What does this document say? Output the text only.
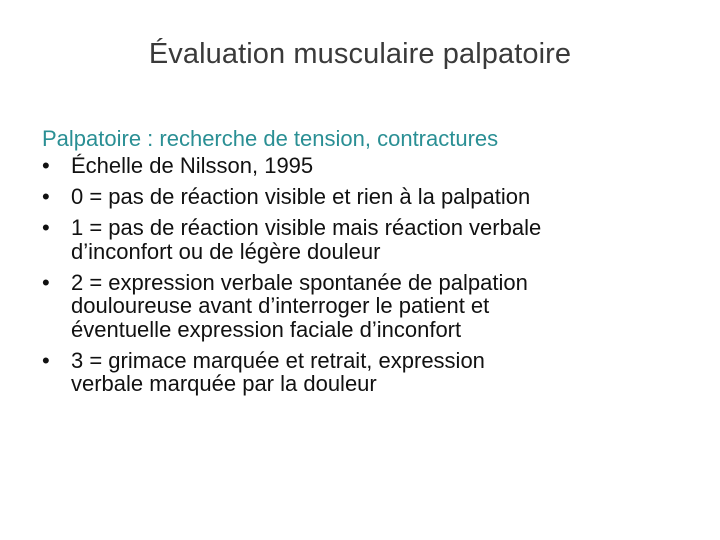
Évaluation musculaire palpatoire
Palpatoire : recherche de tension, contractures
• Échelle de Nilsson, 1995
• 0 = pas de réaction visible et rien à la palpation
• 1 = pas de réaction visible mais réaction verbale
d’inconfort ou de légère douleur
• 2 = expression verbale spontanée de palpation
douloureuse avant d’interroger le patient et
éventuelle expression faciale d’inconfort
• 3 = grimace marquée et retrait, expression
verbale marquée par la douleur
